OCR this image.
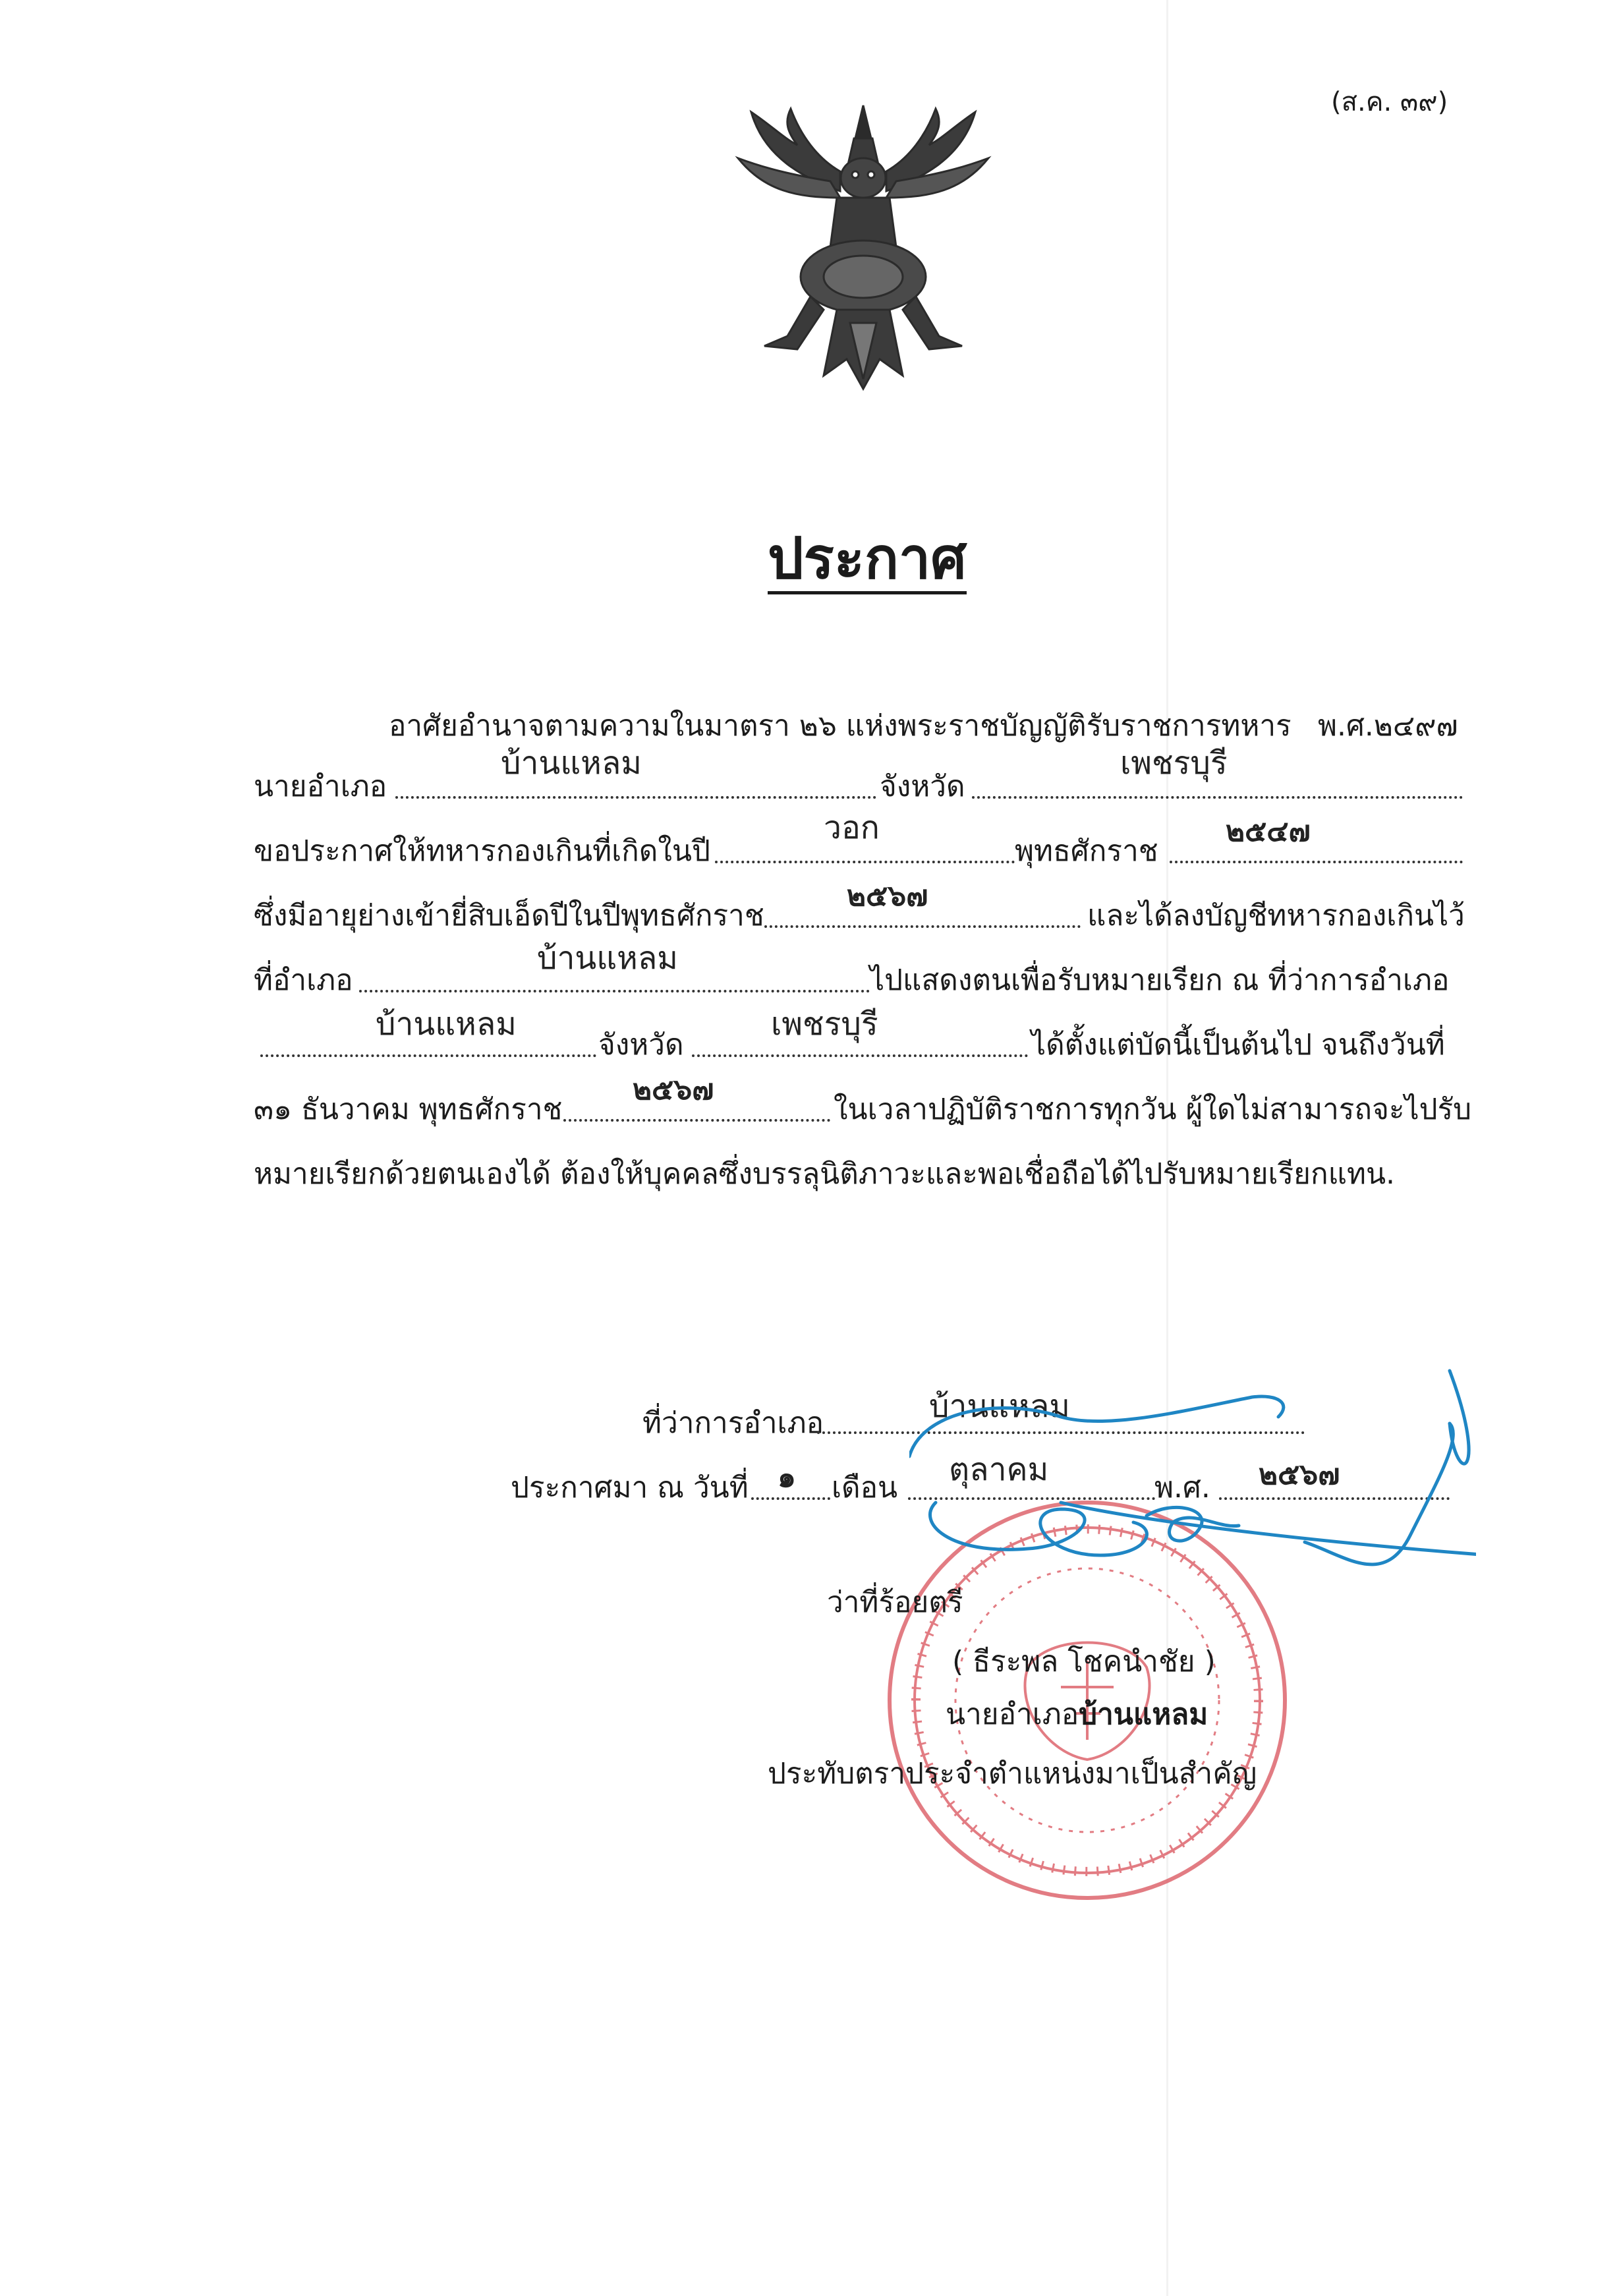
(ส.ค. ๓๙)
ประกาศ
อาศัยอำนาจตามความในมาตรา ๒๖ แห่งพระราชบัญญัติรับราชการทหาร พ.ศ.๒๔๙๗
นายอำเภอ
บ้านแหลม
จังหวัด
เพชรบุรี
ขอประกาศให้ทหารกองเกินที่เกิดในปี
วอก
พุทธศักราช
๒๕๔๗
ซึ่งมีอายุย่างเข้ายี่สิบเอ็ดปีในปีพุทธศักราช
๒๕๖๗
และได้ลงบัญชีทหารกองเกินไว้
ที่อำเภอ
บ้านแหลม
ไปแสดงตนเพื่อรับหมายเรียก ณ ที่ว่าการอำเภอ
บ้านแหลม
จังหวัด
เพชรบุรี
ได้ตั้งแต่บัดนี้เป็นต้นไป จนถึงวันที่
๓๑ ธันวาคม พุทธศักราช
๒๕๖๗
ในเวลาปฏิบัติราชการทุกวัน ผู้ใดไม่สามารถจะไปรับ
หมายเรียกด้วยตนเองได้ ต้องให้บุคคลซึ่งบรรลุนิติภาวะและพอเชื่อถือได้ไปรับหมายเรียกแทน.
ที่ว่าการอำเภอ	บ้านแหลม
ประกาศมา ณ วันที่ ๑ เดือน ตุลาคม	พ.ศ. ๒๕๖๗
ว่าที่ร้อยตรี
( ธีระพล โชคนำชัย )
นายอำเภอบ้านแหลม
ประทับตราประจำตำแหน่งมาเป็นสำคัญ
